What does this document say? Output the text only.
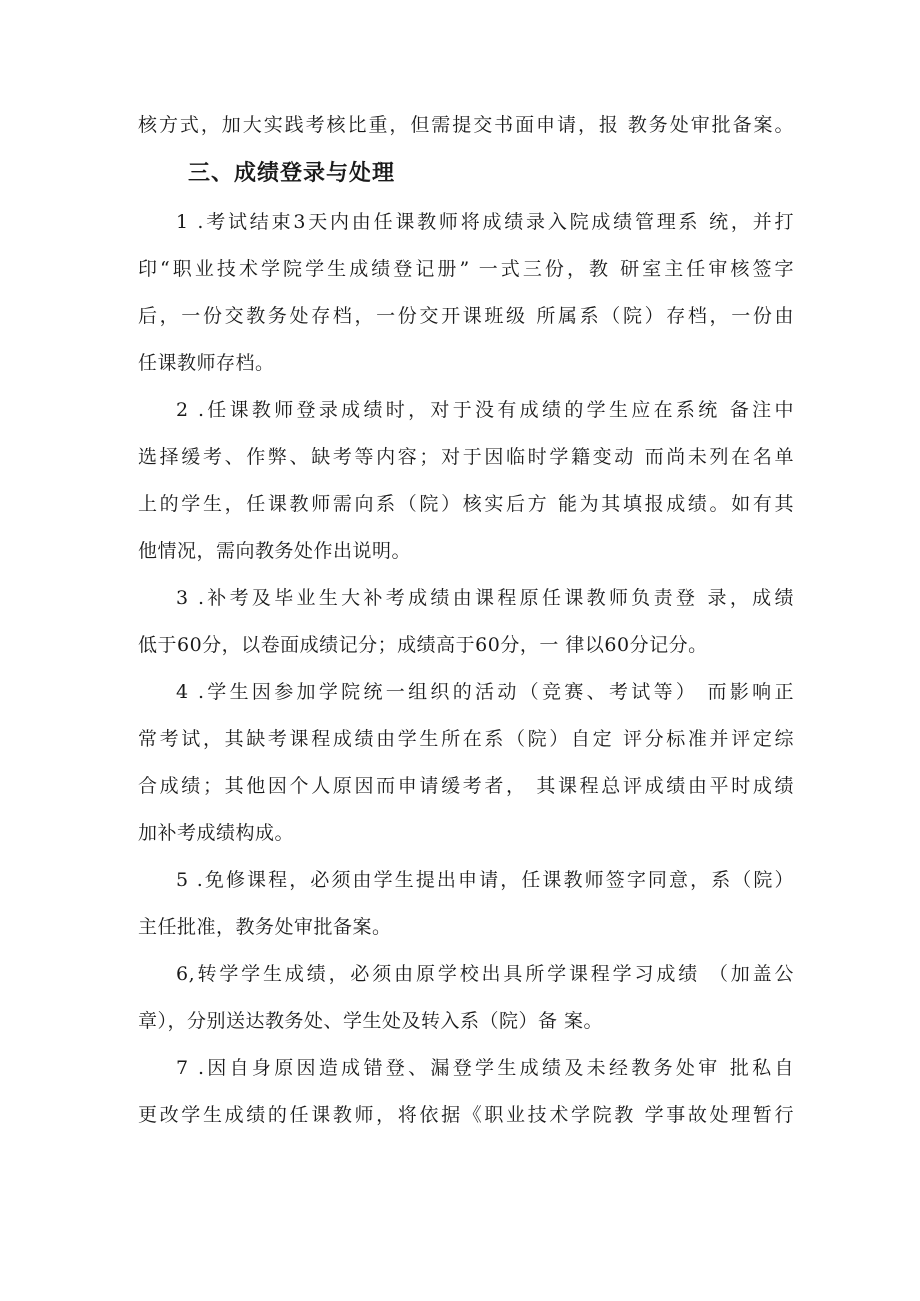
核方式，加大实践考核比重，但需提交书面申请，报 教务处审批备案。
三、成绩登录与处理
1 .考试结束3天内由任课教师将成绩录入院成绩管理系 统，并打
印“职业技术学院学生成绩登记册” 一式三份，教 研室主任审核签字
后，一份交教务处存档，一份交开课班级 所属系（院）存档，一份由
任课教师存档。
2 .任课教师登录成绩时，对于没有成绩的学生应在系统 备注中
选择缓考、作弊、缺考等内容；对于因临时学籍变动 而尚未列在名单
上的学生，任课教师需向系（院）核实后方 能为其填报成绩。如有其
他情况，需向教务处作出说明。
3 .补考及毕业生大补考成绩由课程原任课教师负责登 录，成绩
低于60分，以卷面成绩记分；成绩高于60分，一 律以60分记分。
4 .学生因参加学院统一组织的活动（竞赛、考试等） 而影响正
常考试，其缺考课程成绩由学生所在系（院）自定 评分标准并评定综
合成绩；其他因个人原因而申请缓考者， 其课程总评成绩由平时成绩
加补考成绩构成。
5 .免修课程，必须由学生提出申请，任课教师签字同意，系（院）
主任批准，教务处审批备案。
6,转学学生成绩，必须由原学校出具所学课程学习成绩 （加盖公
章），分别送达教务处、学生处及转入系（院）备 案。
7 .因自身原因造成错登、漏登学生成绩及未经教务处审 批私自
更改学生成绩的任课教师，将依据《职业技术学院教 学事故处理暂行
